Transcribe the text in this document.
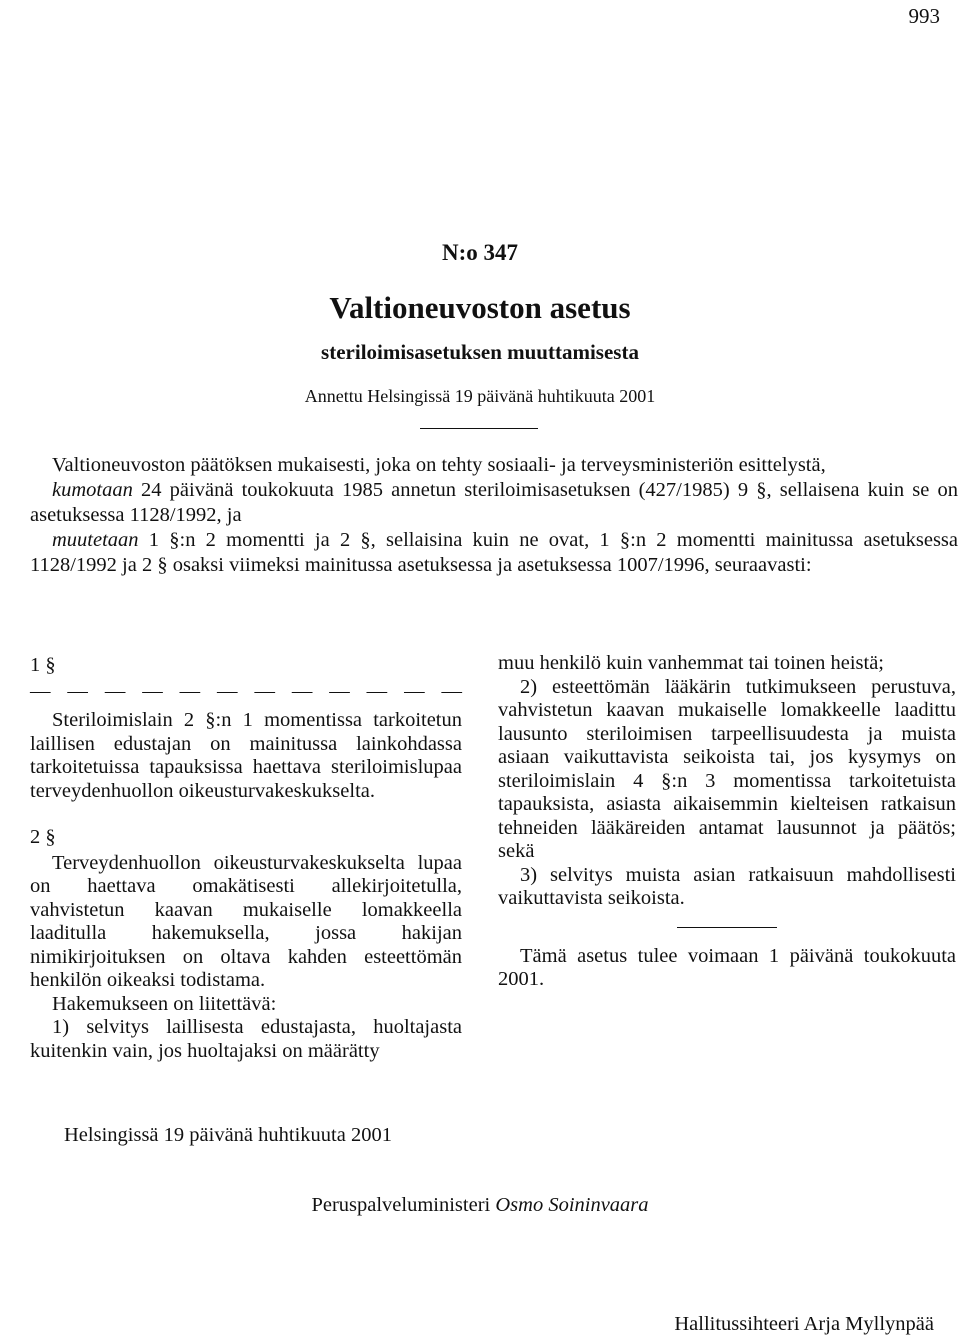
993
N:o 347
Valtioneuvoston asetus
steriloimisasetuksen muuttamisesta
Annettu Helsingissä 19 päivänä huhtikuuta 2001

Valtioneuvoston päätöksen mukaisesti, joka on tehty sosiaali- ja terveysministeriön esittelystä,

kumotaan 24 päivänä toukokuuta 1985 annetun steriloimisasetuksen (427/1985) 9 §, sellaisena kuin se on asetuksessa 1128/1992, ja

muutetaan 1 §:n 2 momentti ja 2 §, sellaisina kuin ne ovat, 1 §:n 2 momentti mainitussa asetuksessa 1128/1992 ja 2 § osaksi viimeksi mainitussa asetuksessa ja asetuksessa 1007/1996, seuraavasti:

1 §

— — — — — — — — — — — —

Steriloimislain 2 §:n 1 momentissa tarkoitetun laillisen edustajan on mainitussa lainkohdassa tarkoitetuissa tapauksissa haettava steriloimislupaa terveydenhuollon oikeusturvakeskukselta.

2 §

Terveydenhuollon oikeusturvakeskukselta lupaa on haettava omakätisesti allekirjoitetulla, vahvistetun kaavan mukaiselle lomakkeella laaditulla hakemuksella, jossa hakijan nimikirjoituksen on oltava kahden esteettömän henkilön oikeaksi todistama.

Hakemukseen on liitettävä:

1) selvitys laillisesta edustajasta, huoltajasta kuitenkin vain, jos huoltajaksi on määrätty

muu henkilö kuin vanhemmat tai toinen heistä;

2) esteettömän lääkärin tutkimukseen perustuva, vahvistetun kaavan mukaiselle lomakkeelle laadittu lausunto steriloimisen tarpeellisuudesta ja muista asiaan vaikuttavista seikoista tai, jos kysymys on steriloimislain 4 §:n 3 momentissa tarkoitetuista tapauksista, asiasta aikaisemmin kielteisen ratkaisun tehneiden lääkäreiden antamat lausunnot ja päätös; sekä

3) selvitys muista asian ratkaisuun mahdollisesti vaikuttavista seikoista.

Tämä asetus tulee voimaan 1 päivänä toukokuuta 2001.

Helsingissä 19 päivänä huhtikuuta 2001
Peruspalveluministeri Osmo Soininvaara
Hallitussihteeri Arja Myllynpää
